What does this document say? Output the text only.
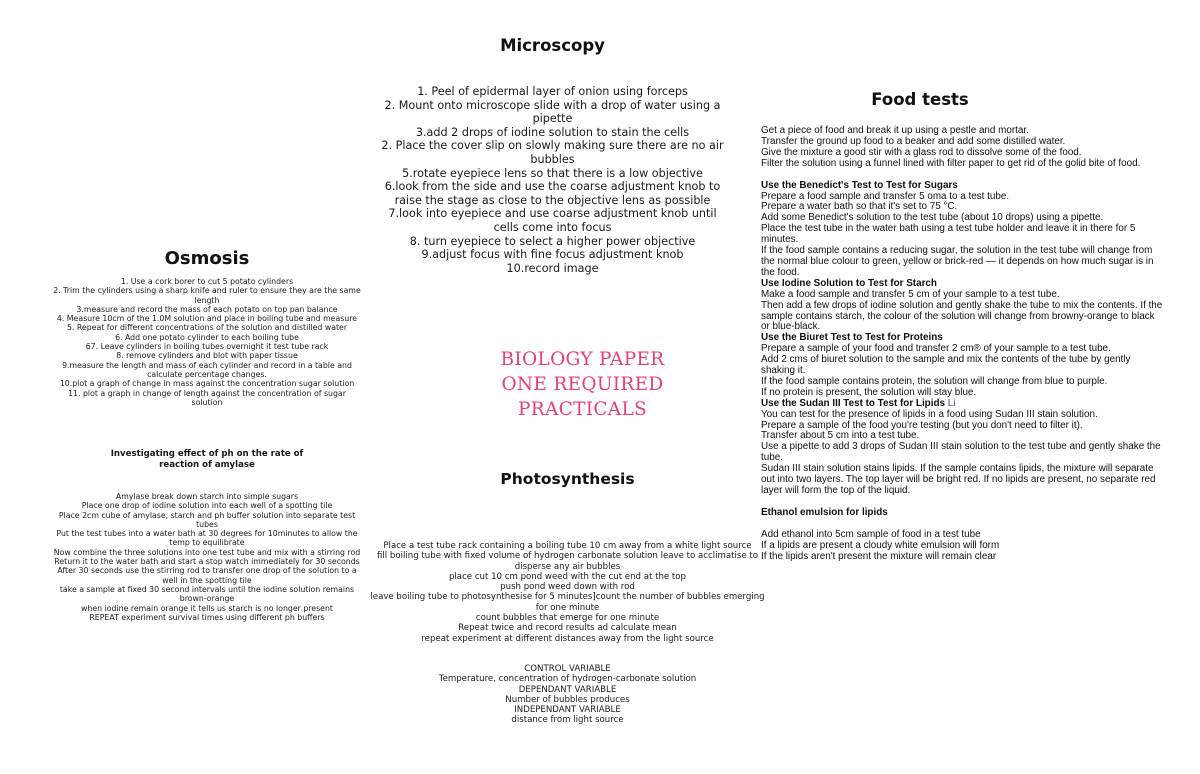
Microscopy
1. Peel of epidermal layer of onion using forceps
2. Mount onto microscope slide with a drop of water using a pipette
3.add 2 drops of iodine solution to stain the cells
2. Place the cover slip on slowly making sure there are no air bubbles
5.rotate eyepiece lens so that there is a low objective
6.look from the side and use the coarse adjustment knob to raise the stage as close to the objective lens as possible
7.look into eyepiece and use coarse adjustment knob until cells come into focus
8. turn eyepiece to select a higher power objective
9.adjust focus with fine focus adjustment knob
10.record image
Osmosis
1. Use a cork borer to cut 5 potato cylinders
2. Trim the cylinders using a sharp knife and ruler to ensure they are the same length
3.measure and record the mass of each potato on top pan balance
4. Measure 10cm of the 1.0M solution and place in boiling tube and measure
5. Repeat for different concentrations of the solution and distilled water
6. Add one potato cylinder to each boiling tube
67. Leave cylinders in boiling tubes overnight it test tube rack
8. remove cylinders and blot with paper tissue
9.measure the length and mass of each cylinder and record in a table and calculate percentage changes.
10.plot a graph of change in mass against the concentration sugar solution
11. plot a graph in change of length against the concentration of sugar solution
BIOLOGY PAPER
ONE REQUIRED
PRACTICALS
Investigating effect of ph on the rate of reaction of amylase
Amylase break down starch into simple sugars
Place one drop of iodine solution into each well of a spotting tile
Place 2cm cube of amylase, starch and ph buffer solution into separate test tubes
Put the test tubes into a water bath at 30 degrees for 10minutes to allow the temp to equilibrate
Now combine the three solutions into one test tube and mix with a stirring rod
Return it to the water bath and start a stop watch immediately for 30 seconds
After 30 seconds use the stirring rod to transfer one drop of the solution to a well in the spotting tile
take a sample at fixed 30 second intervals until the iodine solution remains brown-orange
when iodine remain orange it tells us starch is no longer present
REPEAT experiment survival times using different ph buffers
Photosynthesis
Place a test tube rack containing a boiling tube 10 cm away from a white light source
fill boiling tube with fixed volume of hydrogen carbonate solution leave to acclimatise to disperse any air bubbles
place cut 10 cm pond weed with the cut end at the top
push pond weed down with rod
leave boiling tube to photosynthesise for 5 minutes]count the number of bubbles emerging for one minute
count bubbles that emerge for one minute
Repeat twice and record results ad calculate mean
repeat experiment at different distances away from the light source
CONTROL VARIABLE
Temperature, concentration of hydrogen-carbonate solution
DEPENDANT VARIABLE
Number of bubbles produces
INDEPENDANT VARIABLE
distance from light source
Food tests

Get a piece of food and break it up using a pestle and mortar.

Transfer the ground up food to a beaker and add some distilled water.

Give the mixture a good stir with a glass rod to dissolve some of the food.

Filter the solution using a funnel lined with filter paper to get rid of the golid bite of food.

Use the Benedict's Test to Test for Sugars

Prepare a food sample and transfer 5 oma to a test tube.

Prepare a water bath so that it's set to 75 °C.

Add some Benedict's solution to the test tube (about 10 drops) using a pipette.

Place the test tube in the water bath using a test tube holder and leave it in there for 5 minutes.

If the food sample contains a reducing sugar, the solution in the test tube will change from the normal blue colour to green, yellow or brick-red — it depends on how much sugar is in the food.

Use Iodine Solution to Test for Starch

Make a food sample and transfer 5 cm of your sample to a test tube.

Then add a few drops of iodine solution and gently shake the tube to mix the contents. If the sample contains starch, the colour of the solution will change from browny-orange to black or blue-black.

Use the Biuret Test to Test for Proteins

Prepare a sample of your food and transfer 2 cm® of your sample to a test tube.

Add 2 cms of biuret solution to the sample and mix the contents of the tube by gently shaking it.

If the food sample contains protein, the solution will change from blue to purple.

If no protein is present, the solution will stay blue.

Use the Sudan III Test to Test for Lipids Li

You can test for the presence of lipids in a food using Sudan III stain solution.

Prepare a sample of the food you're testing (but you don't need to filter it).

Transfer about 5 cm into a test tube.

Use a pipette to add 3 drops of Sudan III stain solution to the test tube and gently shake the tube.

Sudan III stain solution stains lipids. If the sample contains lipids, the mixture will separate out into two layers. The top layer will be bright red. If no lipids are present, no separate red layer will form the top of the liquid.

Ethanol emulsion for lipids

Add ethanol into 5cm sample of food in a test tube

If a lipids are present a cloudy white emulsion will form

If the lipids aren't present the mixture will remain clear
